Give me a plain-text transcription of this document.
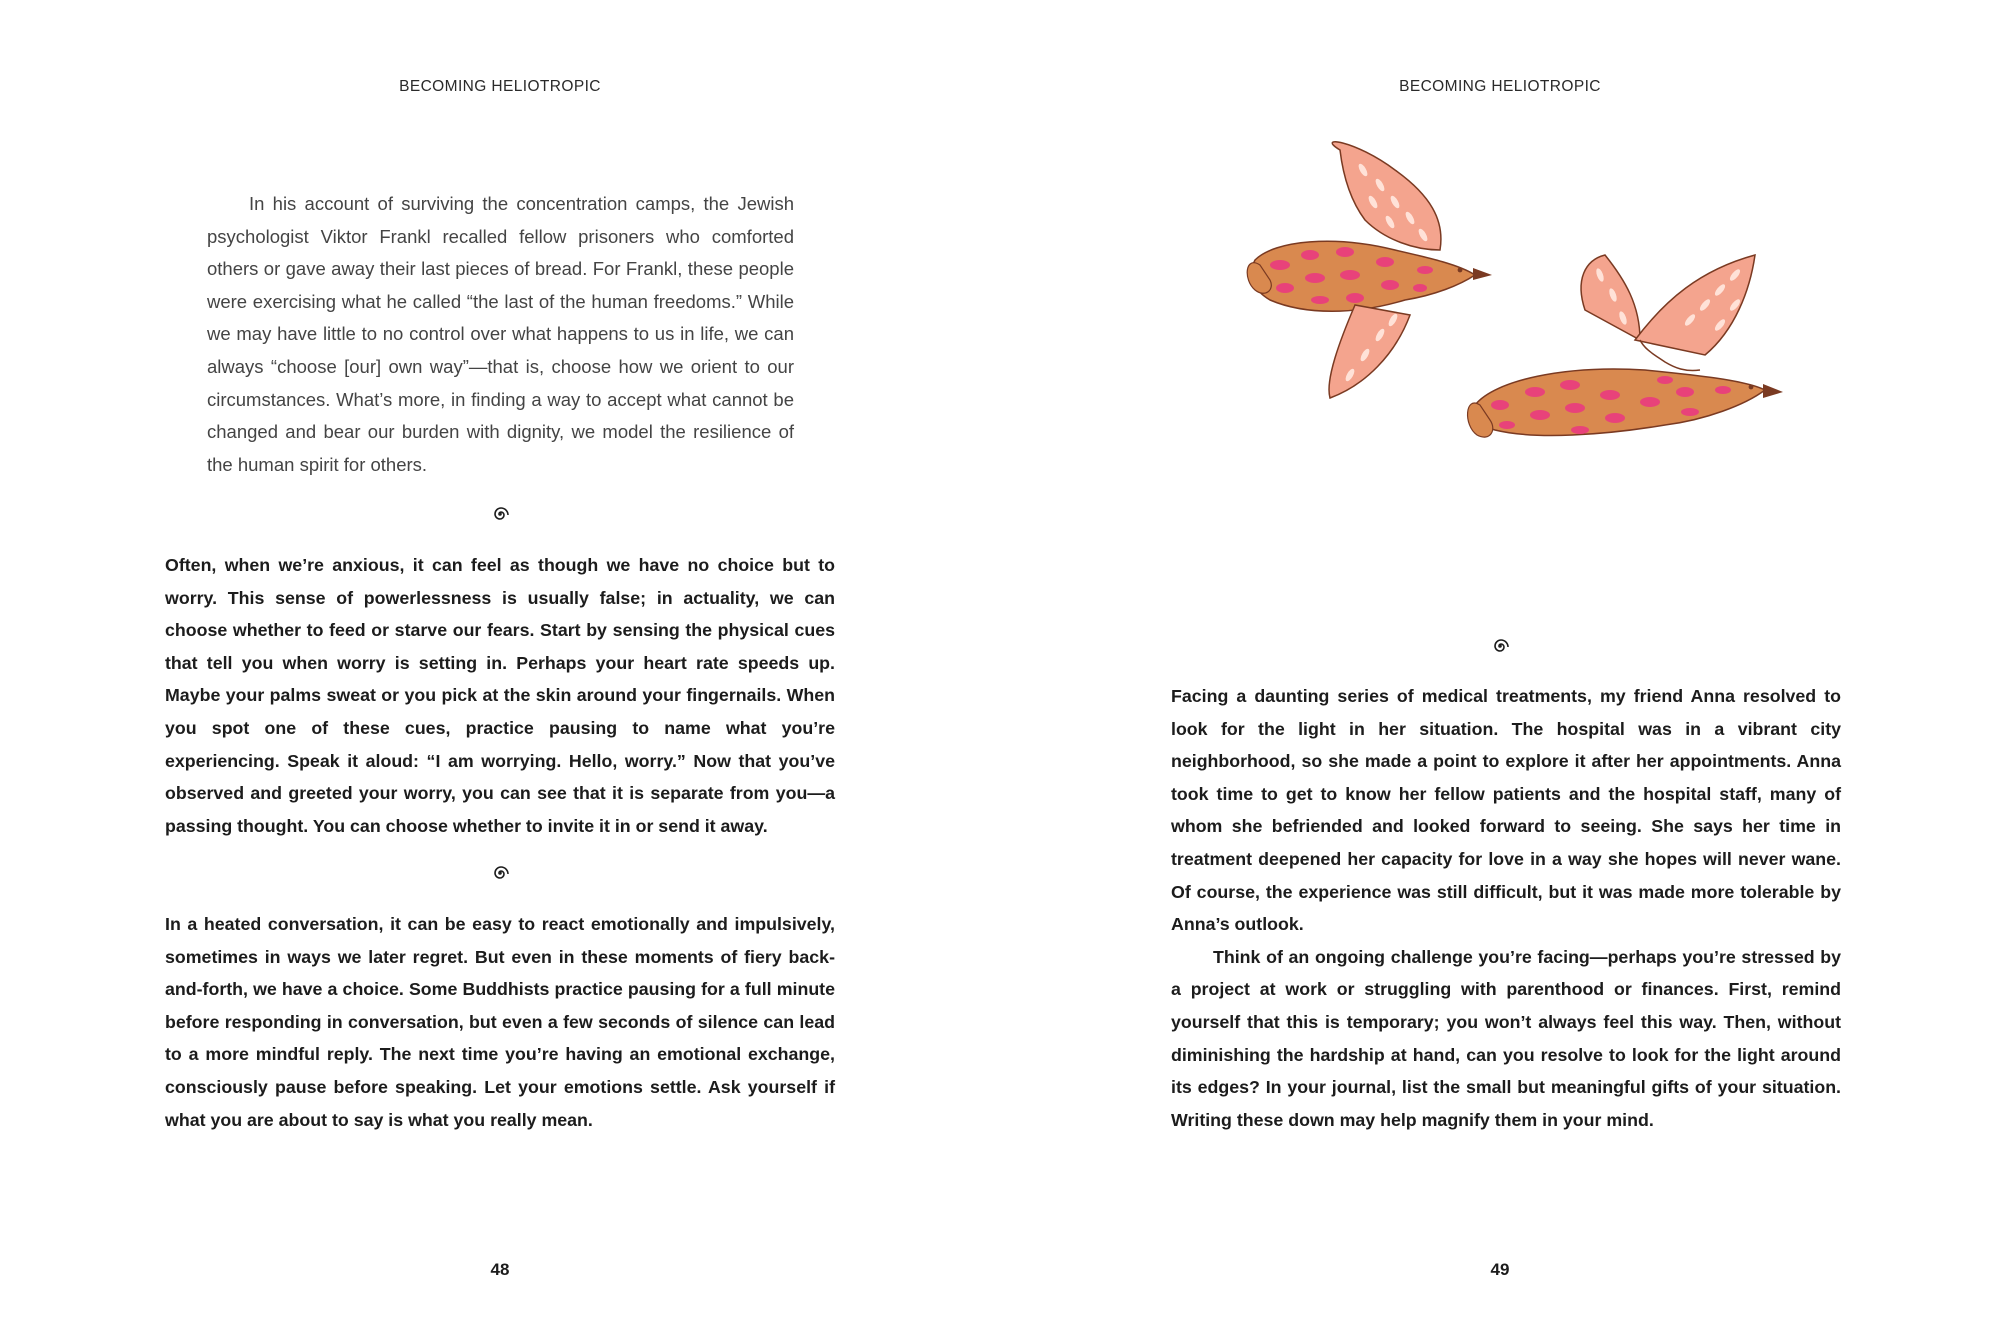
BECOMING HELIOTROPIC

In his account of surviving the concentration camps, the Jewish psychologist Viktor Frankl recalled fellow prisoners who comforted others or gave away their last pieces of bread. For Frankl, these people were exercising what he called “the last of the human freedoms.” While we may have little to no control over what happens to us in life, we can always “choose [our] own way”—that is, choose how we orient to our circumstances. What’s more, in finding a way to accept what cannot be changed and bear our burden with dignity, we model the resilience of the human spirit for others.

Often, when we’re anxious, it can feel as though we have no choice but to worry. This sense of powerlessness is usually false; in actuality, we can choose whether to feed or starve our fears. Start by sensing the physical cues that tell you when worry is setting in. Perhaps your heart rate speeds up. Maybe your palms sweat or you pick at the skin around your fingernails. When you spot one of these cues, practice pausing to name what you’re experiencing. Speak it aloud: “I am worrying. Hello, worry.” Now that you’ve observed and greeted your worry, you can see that it is separate from you—a passing thought. You can choose whether to invite it in or send it away.

In a heated conversation, it can be easy to react emotionally and impulsively, sometimes in ways we later regret. But even in these moments of fiery back-and-forth, we have a choice. Some Buddhists practice pausing for a full minute before responding in conversation, but even a few seconds of silence can lead to a more mindful reply. The next time you’re having an emotional exchange, consciously pause before speaking. Let your emotions settle. Ask yourself if what you are about to say is what you really mean.

48
BECOMING HELIOTROPIC

Facing a daunting series of medical treatments, my friend Anna resolved to look for the light in her situation. The hospital was in a vibrant city neighborhood, so she made a point to explore it after her appointments. Anna took time to get to know her fellow patients and the hospital staff, many of whom she befriended and looked forward to seeing. She says her time in treatment deepened her capacity for love in a way she hopes will never wane. Of course, the experience was still difficult, but it was made more tolerable by Anna’s outlook.

Think of an ongoing challenge you’re facing—perhaps you’re stressed by a project at work or struggling with parenthood or finances. First, remind yourself that this is temporary; you won’t always feel this way. Then, without diminishing the hardship at hand, can you resolve to look for the light around its edges? In your journal, list the small but meaningful gifts of your situation. Writing these down may help magnify them in your mind.

49
